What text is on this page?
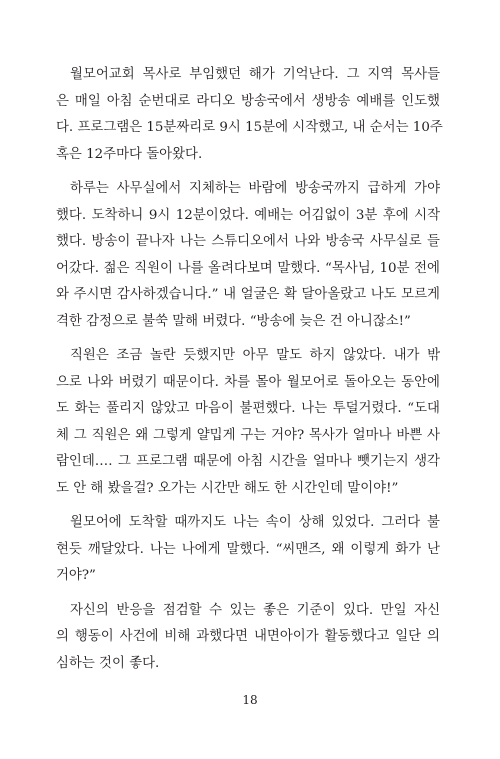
월모어교회 목사로 부임했던 해가 기억난다. 그 지역 목사들
은 매일 아침 순번대로 라디오 방송국에서 생방송 예배를 인도했
다. 프로그램은 15분짜리로 9시 15분에 시작했고, 내 순서는 10주
혹은 12주마다 돌아왔다.

하루는 사무실에서 지체하는 바람에 방송국까지 급하게 가야
했다. 도착하니 9시 12분이었다. 예배는 어김없이 3분 후에 시작
했다. 방송이 끝나자 나는 스튜디오에서 나와 방송국 사무실로 들
어갔다. 젊은 직원이 나를 올려다보며 말했다. “목사님, 10분 전에
와 주시면 감사하겠습니다.” 내 얼굴은 확 달아올랐고 나도 모르게
격한 감정으로 불쑥 말해 버렸다. “방송에 늦은 건 아니잖소!”

직원은 조금 놀란 듯했지만 아무 말도 하지 않았다. 내가 밖
으로 나와 버렸기 때문이다. 차를 몰아 월모어로 돌아오는 동안에
도 화는 풀리지 않았고 마음이 불편했다. 나는 투덜거렸다. “도대
체 그 직원은 왜 그렇게 얄밉게 구는 거야? 목사가 얼마나 바쁜 사
람인데…. 그 프로그램 때문에 아침 시간을 얼마나 뺏기는지 생각
도 안 해 봤을걸? 오가는 시간만 해도 한 시간인데 말이야!”

윌모어에 도착할 때까지도 나는 속이 상해 있었다. 그러다 불
현듯 깨달았다. 나는 나에게 말했다. “씨맨즈, 왜 이렇게 화가 난
거야?”

자신의 반응을 점검할 수 있는 좋은 기준이 있다. 만일 자신
의 행동이 사건에 비해 과했다면 내면아이가 활동했다고 일단 의
심하는 것이 좋다.

18
